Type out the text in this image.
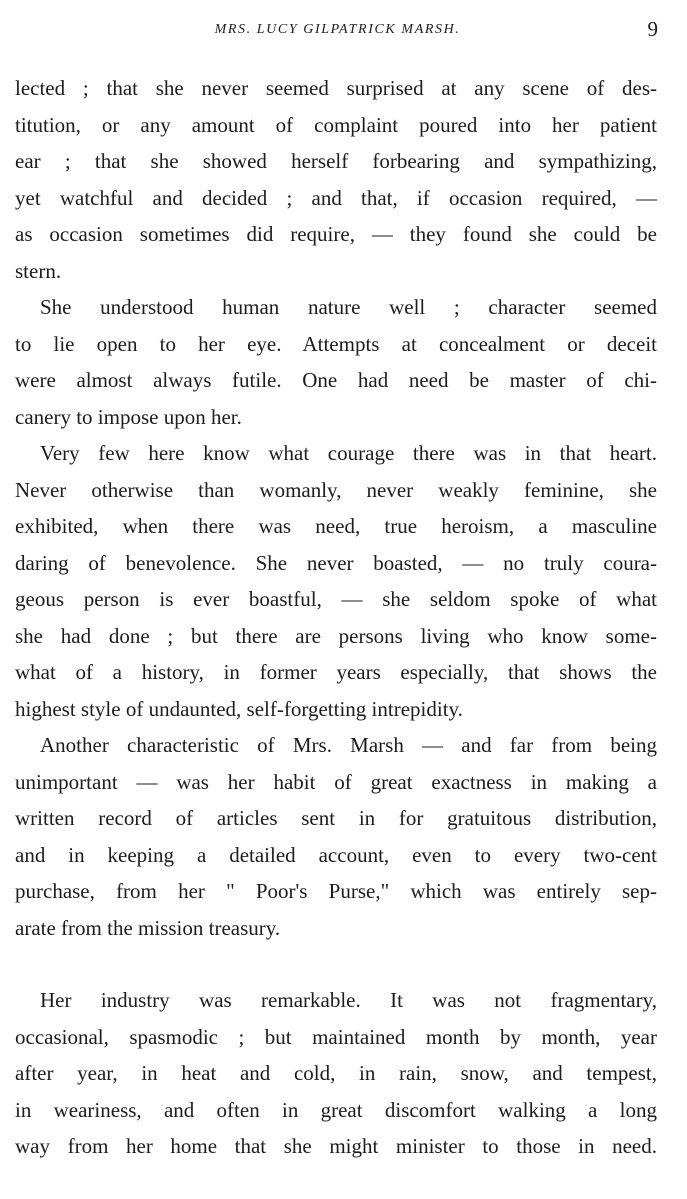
MRS. LUCY GILPATRICK MARSH.	9

lected ; that she never seemed surprised at any scene of des-
titution, or any amount of complaint poured into her patient
ear ; that she showed herself forbearing and sympathizing,
yet watchful and decided ; and that, if occasion required, —
as occasion sometimes did require, — they found she could be
stern.

She understood human nature well ; character seemed
to lie open to her eye. Attempts at concealment or deceit
were almost always futile. One had need be master of chi-
canery to impose upon her.

Very few here know what courage there was in that heart.
Never otherwise than womanly, never weakly feminine, she
exhibited, when there was need, true heroism, a masculine
daring of benevolence. She never boasted, — no truly coura-
geous person is ever boastful, — she seldom spoke of what
she had done ; but there are persons living who know some-
what of a history, in former years especially, that shows the
highest style of undaunted, self-forgetting intrepidity.

Another characteristic of Mrs. Marsh — and far from being
unimportant — was her habit of great exactness in making a
written record of articles sent in for gratuitous distribution,
and in keeping a detailed account, even to every two-cent
purchase, from her " Poor's Purse," which was entirely sep-
arate from the mission treasury.

Her industry was remarkable. It was not fragmentary,
occasional, spasmodic ; but maintained month by month, year
after year, in heat and cold, in rain, snow, and tempest,
in weariness, and often in great discomfort walking a long
way from her home that she might minister to those in need.
